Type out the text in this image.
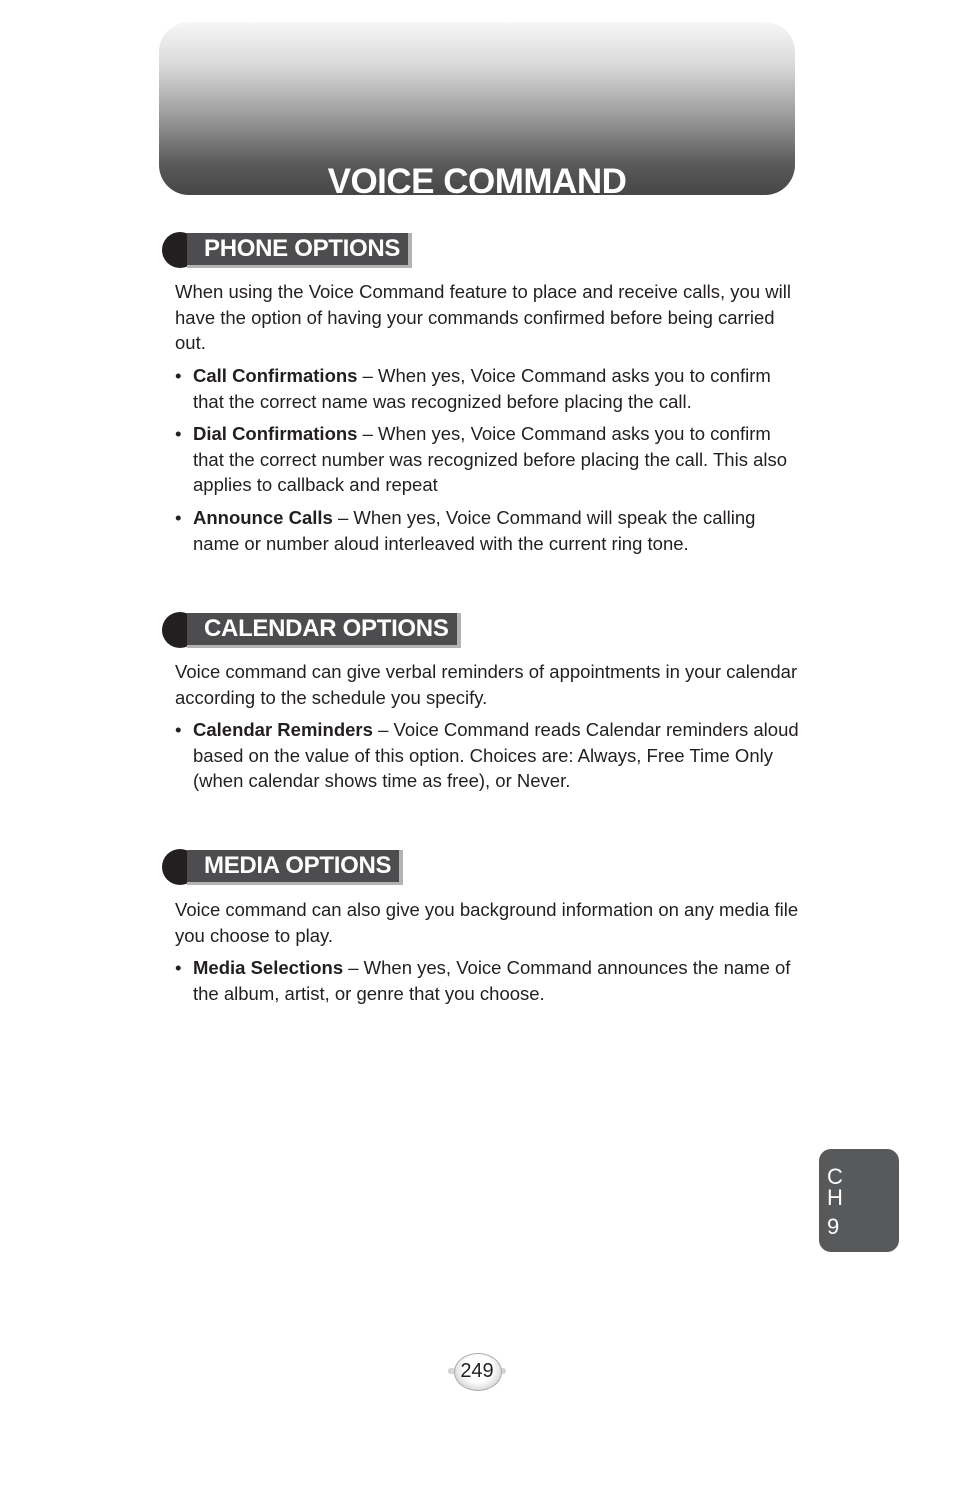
VOICE COMMAND
PHONE OPTIONS

When using the Voice Command feature to place and receive calls, you will have the option of having your commands confirmed before being carried out.

• Call Confirmations – When yes, Voice Command asks you to confirm that the correct name was recognized before placing the call.
• Dial Confirmations – When yes, Voice Command asks you to confirm that the correct number was recognized before placing the call. This also applies to callback and repeat
• Announce Calls – When yes, Voice Command will speak the calling name or number aloud interleaved with the current ring tone.
CALENDAR OPTIONS

Voice command can give verbal reminders of appointments in your calendar according to the schedule you specify.

• Calendar Reminders – Voice Command reads Calendar reminders aloud based on the value of this option. Choices are: Always, Free Time Only (when calendar shows time as free), or Never.
MEDIA OPTIONS

Voice command can also give you background information on any media file you choose to play.

• Media Selections – When yes, Voice Command announces the name of the album, artist, or genre that you choose.
C
H
9
249
